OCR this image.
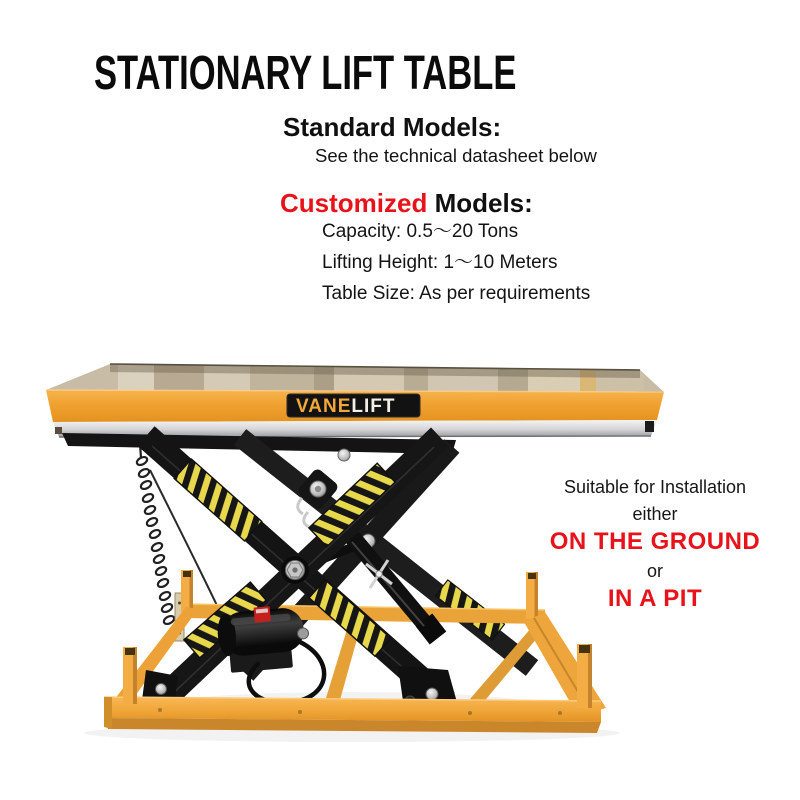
STATIONARY LIFT TABLE
Standard Models:
See the technical datasheet below
Customized Models:
Capacity: 0.5～20 Tons
Lifting Height: 1～10 Meters
Table Size: As per requirements
Suitable for Installation
either
ON THE GROUND
or
IN A PIT
VANELIFT
